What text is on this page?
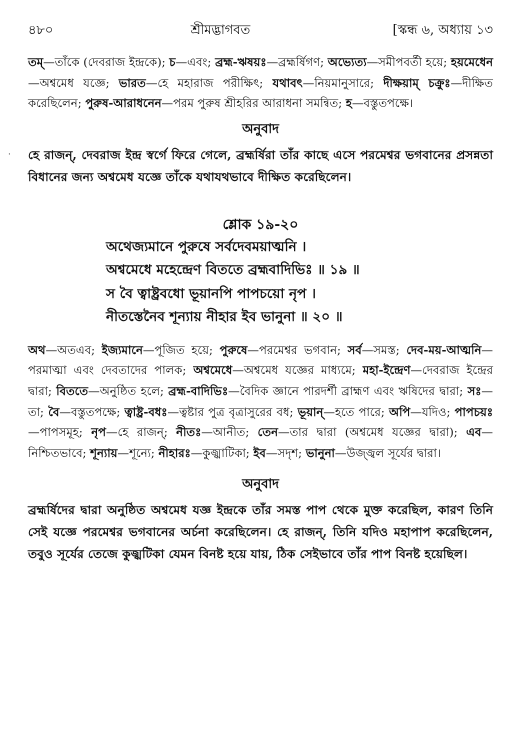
৪৮০	শ্রীমদ্ভাগবত	[স্কন্ধ ৬, অধ্যায় ১৩

তম্—তাঁকে (দেবরাজ ইন্দ্রকে); চ—এবং; ব্রহ্ম-ঋষয়ঃ—ব্রহ্মর্ষিগণ; অভ্যেত্য—সমীপবর্তী হয়ে; হয়মেধেন—অশ্বমেধ যজ্ঞে; ভারত—হে মহারাজ পরীক্ষিৎ; যথাবৎ—নিয়মানুসারে; দীক্ষয়াম্ চক্রুঃ—দীক্ষিত করেছিলেন; পুরুষ-আরাধনেন—পরম পুরুষ শ্রীহরির আরাধনা সমন্বিত; হ—বস্তুতপক্ষে।

অনুবাদ

হে রাজন্, দেবরাজ ইন্দ্র স্বর্গে ফিরে গেলে, ব্রহ্মর্ষিরা তাঁর কাছে এসে পরমেশ্বর ভগবানের প্রসন্নতা বিধানের জন্য অশ্বমেধ যজ্ঞে তাঁকে যথাযথভাবে দীক্ষিত করেছিলেন।

শ্লোক ১৯-২০
অথেজ্যমানে পুরুষে সর্বদেবময়াত্মনি ।
অশ্বমেধে মহেন্দ্রেণ বিততে ব্রহ্মবাদিভিঃ ॥ ১৯ ॥
স বৈ ত্বাষ্ট্রবধো ভূয়ানপি পাপচয়ো নৃপ ।
নীতস্তেনৈব শূন্যায় নীহার ইব ভানুনা ॥ ২০ ॥

অথ—অতএব; ইজ্যমানে—পূজিত হয়ে; পুরুষে—পরমেশ্বর ভগবান; সর্ব—সমস্ত; দেব-ময়-আত্মনি—পরমাত্মা এবং দেবতাদের পালক; অশ্বমেধে—অশ্বমেধ যজ্ঞের মাধ্যমে; মহা-ইন্দ্রেণ—দেবরাজ ইন্দ্রের দ্বারা; বিততে—অনুষ্ঠিত হলে; ব্রহ্ম-বাদিভিঃ—বৈদিক জ্ঞানে পারদর্শী ব্রাহ্মণ এবং ঋষিদের দ্বারা; সঃ—তা; বৈ—বস্তুতপক্ষে; ত্বাষ্ট্র-বধঃ—ত্বষ্টার পুত্র বৃত্রাসুরের বধ; ভূয়ান্—হতে পারে; অপি—যদিও; পাপচয়ঃ—পাপসমূহ; নৃপ—হে রাজন্; নীতঃ—আনীত; তেন—তার দ্বারা (অশ্বমেধ যজ্ঞের দ্বারা); এব—নিশ্চিতভাবে; শূন্যায়—শূন্যে; নীহারঃ—কুজ্ঝাটিকা; ইব—সদৃশ; ভানুনা—উজ্জ্বল সূর্যের দ্বারা।

অনুবাদ

ব্রহ্মর্ষিদের দ্বারা অনুষ্ঠিত অশ্বমেধ যজ্ঞ ইন্দ্রকে তাঁর সমস্ত পাপ থেকে মুক্ত করেছিল, কারণ তিনি সেই যজ্ঞে পরমেশ্বর ভগবানের অর্চনা করেছিলেন। হে রাজন্, তিনি যদিও মহাপাপ করেছিলেন, তবুও সূর্যের তেজে কুজ্ঝটিকা যেমন বিনষ্ট হয়ে যায়, ঠিক সেইভাবে তাঁর পাপ বিনষ্ট হয়েছিল।

·
